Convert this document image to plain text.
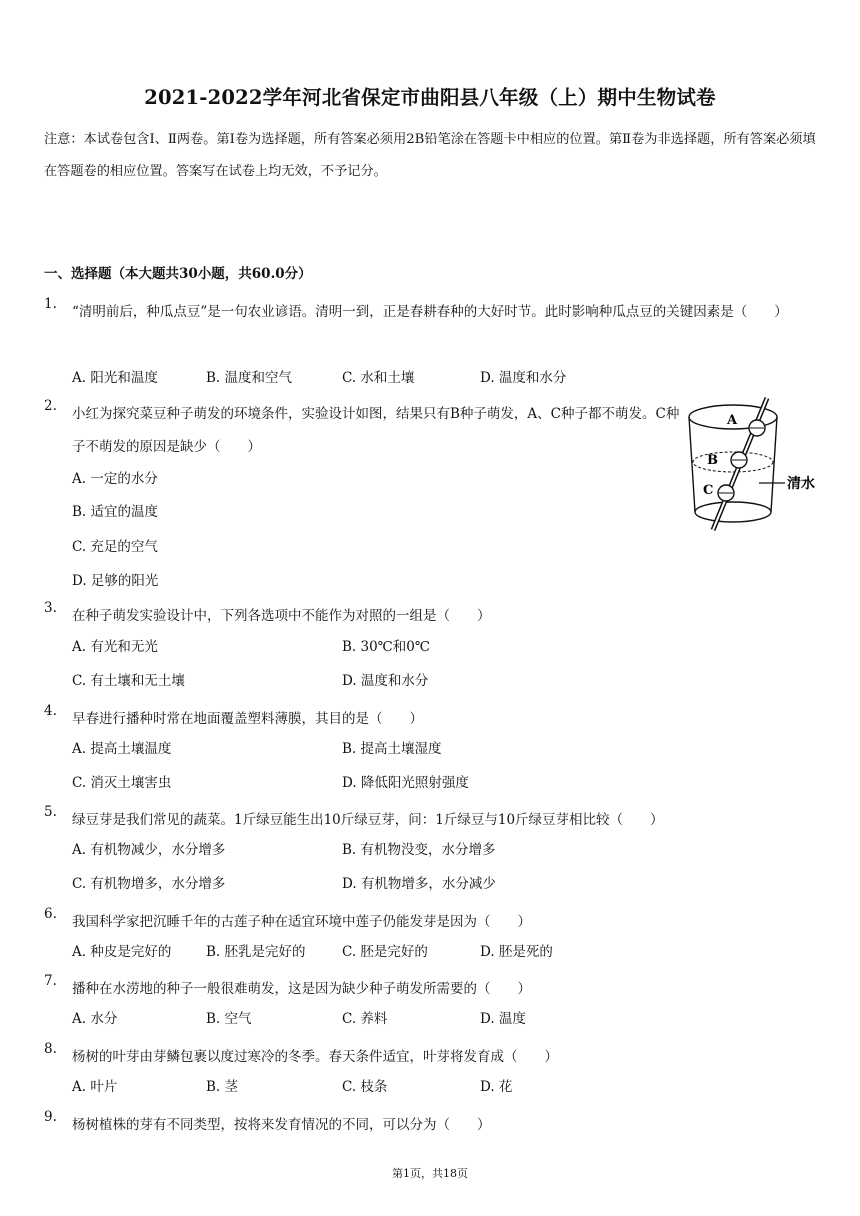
2021-2022学年河北省保定市曲阳县八年级（上）期中生物试卷
注意：本试卷包含Ⅰ、Ⅱ两卷。第Ⅰ卷为选择题，所有答案必须用2B铅笔涂在答题卡中相应的位置。第Ⅱ卷为非选择题，所有答案必须填在答题卷的相应位置。答案写在试卷上均无效，不予记分。
一、选择题（本大题共30小题，共60.0分）
1.	“清明前后，种瓜点豆”是一句农业谚语。清明一到，正是春耕春种的大好时节。此时影响种瓜点豆的关键因素是（　　）
A. 阳光和温度	B. 温度和空气	C. 水和土壤	D. 温度和水分
2.	小红为探究菜豆种子萌发的环境条件，实验设计如图，结果只有B种子萌发，A、C种子都不萌发。C种子不萌发的原因是缺少（　　）
A. 一定的水分
B. 适宜的温度
C. 充足的空气
D. 足够的阳光
A
B
C	清水
3.	在种子萌发实验设计中，下列各选项中不能作为对照的一组是（　　）
A. 有光和无光	B. 30℃和0℃
C. 有土壤和无土壤	D. 温度和水分
4.	早春进行播种时常在地面覆盖塑料薄膜，其目的是（　　）
A. 提高土壤温度	B. 提高土壤湿度
C. 消灭土壤害虫	D. 降低阳光照射强度
5.	绿豆芽是我们常见的蔬菜。1斤绿豆能生出10斤绿豆芽，问：1斤绿豆与10斤绿豆芽相比较（　　）
A. 有机物减少，水分增多	B. 有机物没变，水分增多
C. 有机物增多，水分增多	D. 有机物增多，水分减少
6.	我国科学家把沉睡千年的古莲子种在适宜环境中莲子仍能发芽是因为（　　）
A. 种皮是完好的	B. 胚乳是完好的	C. 胚是完好的	D. 胚是死的
7.	播种在水涝地的种子一般很难萌发，这是因为缺少种子萌发所需要的（　　）
A. 水分	B. 空气	C. 养料	D. 温度
8.	杨树的叶芽由芽鳞包裹以度过寒冷的冬季。春天条件适宜，叶芽将发育成（　　）
A. 叶片	B. 茎	C. 枝条	D. 花
9.	杨树植株的芽有不同类型，按将来发育情况的不同，可以分为（　　）
第1页，共18页
